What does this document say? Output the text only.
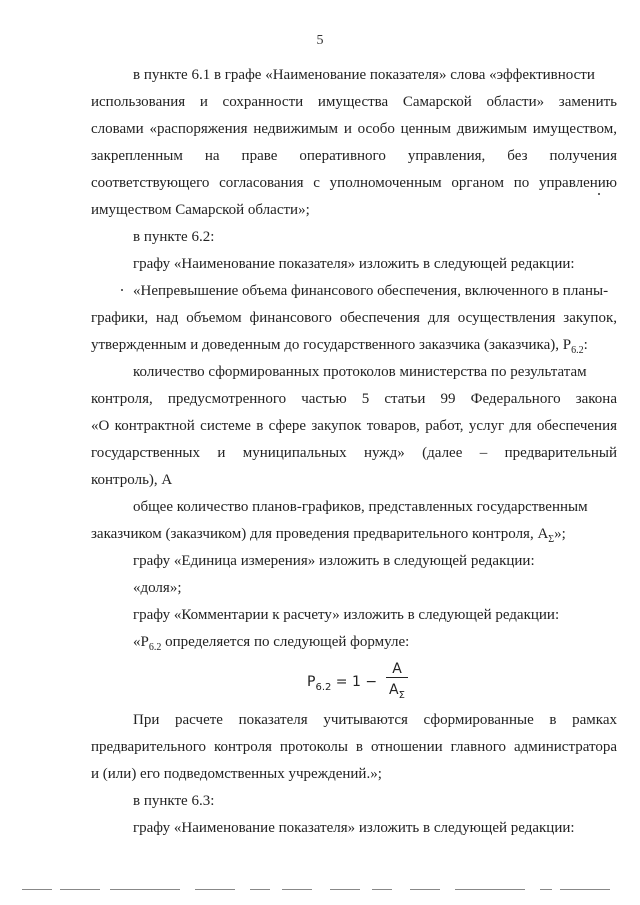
5
в пункте 6.1 в графе «Наименование показателя» слова «эффективности
использования и сохранности имущества Самарской области» заменить
словами «распоряжения недвижимым и особо ценным движимым имуществом,
закрепленным на праве оперативного управления, без получения
соответствующего согласования с уполномоченным органом по управлению
имуществом Самарской области»;
в пункте 6.2:
графу «Наименование показателя» изложить в следующей редакции:
«Непревышение объема финансового обеспечения, включенного в планы-
графики, над объемом финансового обеспечения для осуществления закупок,
утвержденным и доведенным до государственного заказчика (заказчика), $Р_{6.2}$:
количество сформированных протоколов министерства по результатам
контроля, предусмотренного частью 5 статьи 99 Федерального закона
«О контрактной системе в сфере закупок товаров, работ, услуг для обеспечения
государственных и муниципальных нужд» (далее – предварительный
контроль), А
общее количество планов-графиков, представленных государственным
заказчиком (заказчиком) для проведения предварительного контроля, $А_\Sigma$»;
графу «Единица измерения» изложить в следующей редакции:
«доля»;
графу «Комментарии к расчету» изложить в следующей редакции:
«$Р_{6.2}$ определяется по следующей формуле:
$P_{6.2} = 1$ −
A
$A_\Sigma$
При расчете показателя учитываются сформированные в рамках
предварительного контроля протоколы в отношении главного администратора
и (или) его подведомственных учреждений.»;
в пункте 6.3:
графу «Наименование показателя» изложить в следующей редакции:
